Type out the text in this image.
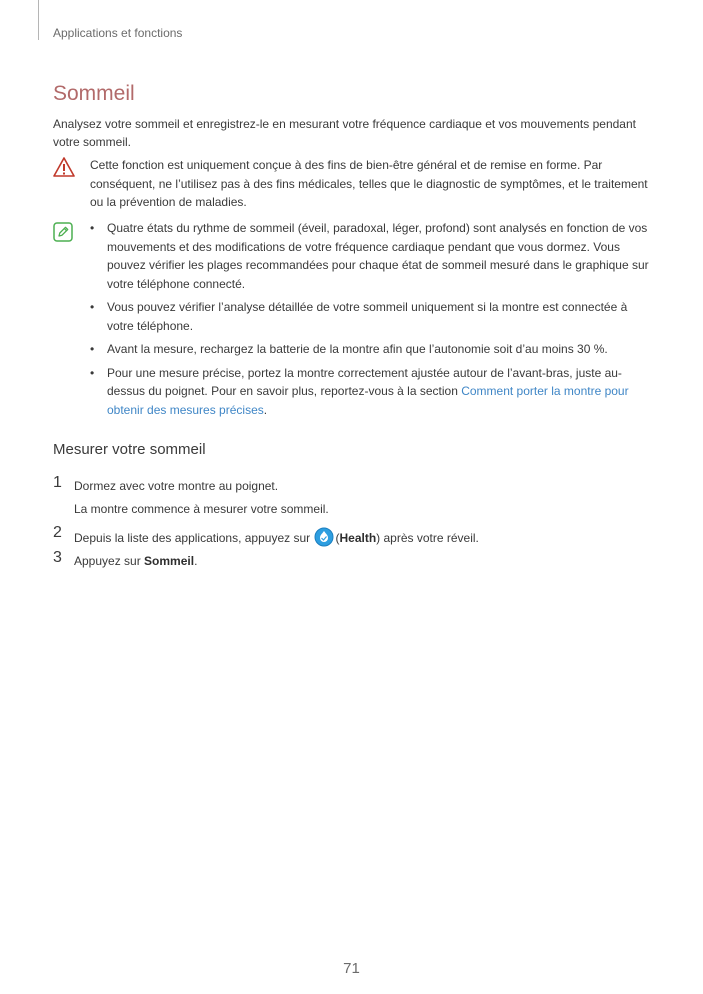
Applications et fonctions
Sommeil
Analysez votre sommeil et enregistrez-le en mesurant votre fréquence cardiaque et vos mouvements pendant votre sommeil.
Cette fonction est uniquement conçue à des fins de bien-être général et de remise en forme. Par conséquent, ne l’utilisez pas à des fins médicales, telles que le diagnostic de symptômes, et le traitement ou la prévention de maladies.
• Quatre états du rythme de sommeil (éveil, paradoxal, léger, profond) sont analysés en fonction de vos mouvements et des modifications de votre fréquence cardiaque pendant que vous dormez. Vous pouvez vérifier les plages recommandées pour chaque état de sommeil mesuré dans le graphique sur votre téléphone connecté.
• Vous pouvez vérifier l’analyse détaillée de votre sommeil uniquement si la montre est connectée à votre téléphone.
• Avant la mesure, rechargez la batterie de la montre afin que l’autonomie soit d’au moins 30 %.
• Pour une mesure précise, portez la montre correctement ajustée autour de l’avant-bras, juste au-dessus du poignet. Pour en savoir plus, reportez-vous à la section Comment porter la montre pour obtenir des mesures précises.
Mesurer votre sommeil
1 Dormez avec votre montre au poignet.
La montre commence à mesurer votre sommeil.
2 Depuis la liste des applications, appuyez sur (Health) après votre réveil.
3 Appuyez sur Sommeil.
71
